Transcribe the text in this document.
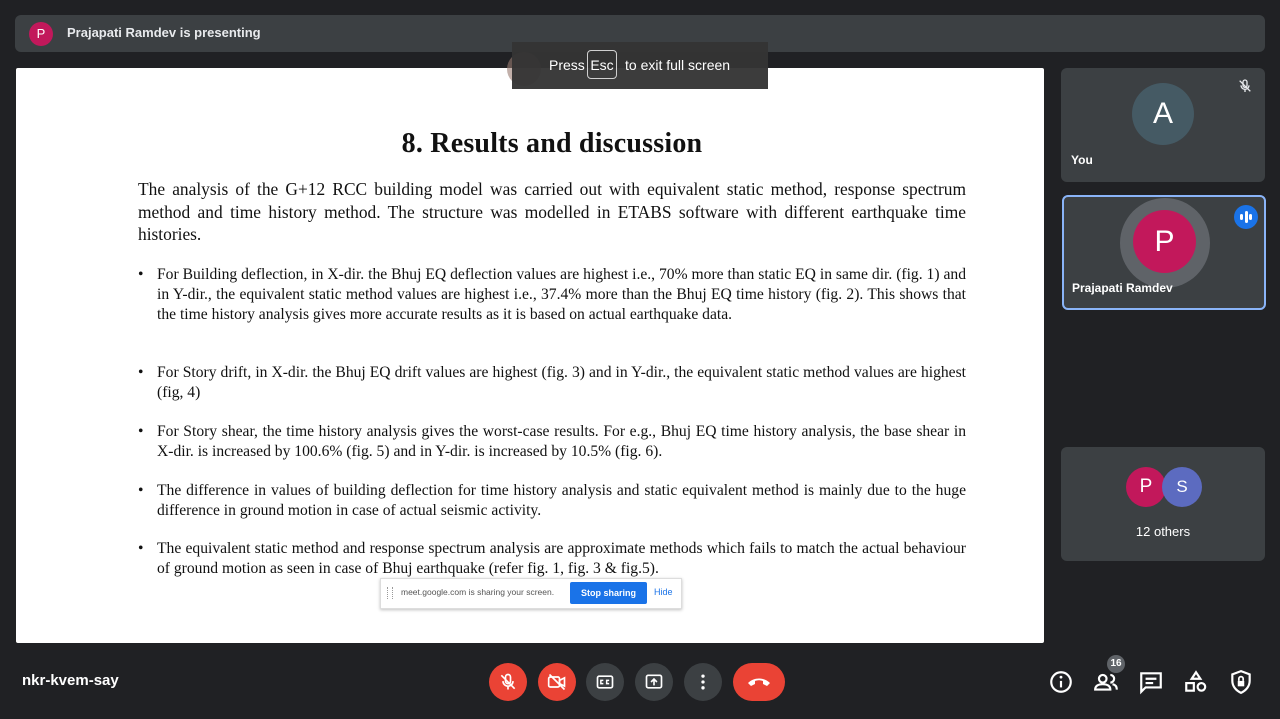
P	Prajapati Ramdev is presenting
8. Results and discussion

The analysis of the G+12 RCC building model was carried out with equivalent static method, response spectrum method and time history method. The structure was modelled in ETABS software with different earthquake time histories.

• For Building deflection, in X-dir. the Bhuj EQ deflection values are highest i.e., 70% more than static EQ in same dir. (fig. 1) and in Y-dir., the equivalent static method values are highest i.e., 37.4% more than the Bhuj EQ time history (fig. 2). This shows that the time history analysis gives more accurate results as it is based on actual earthquake data.
• For Story drift, in X-dir. the Bhuj EQ drift values are highest (fig. 3) and in Y-dir., the equivalent static method values are highest (fig, 4)
• For Story shear, the time history analysis gives the worst-case results. For e.g., Bhuj EQ time history analysis, the base shear in X-dir. is increased by 100.6% (fig. 5) and in Y-dir. is increased by 10.5% (fig. 6).
• The difference in values of building deflection for time history analysis and static equivalent method is mainly due to the huge difference in ground motion in case of actual seismic activity.
• The equivalent static method and response spectrum analysis are approximate methods which fails to match the actual behaviour of ground motion as seen in case of Bhuj earthquake (refer fig. 1, fig. 3 & fig.5).
meet.google.com is sharing your screen.	Stop sharing	Hide
Press Esc to exit full screen
A
You
P
Prajapati Ramdev
P	S
12 others
nkr-kvem-say
16
